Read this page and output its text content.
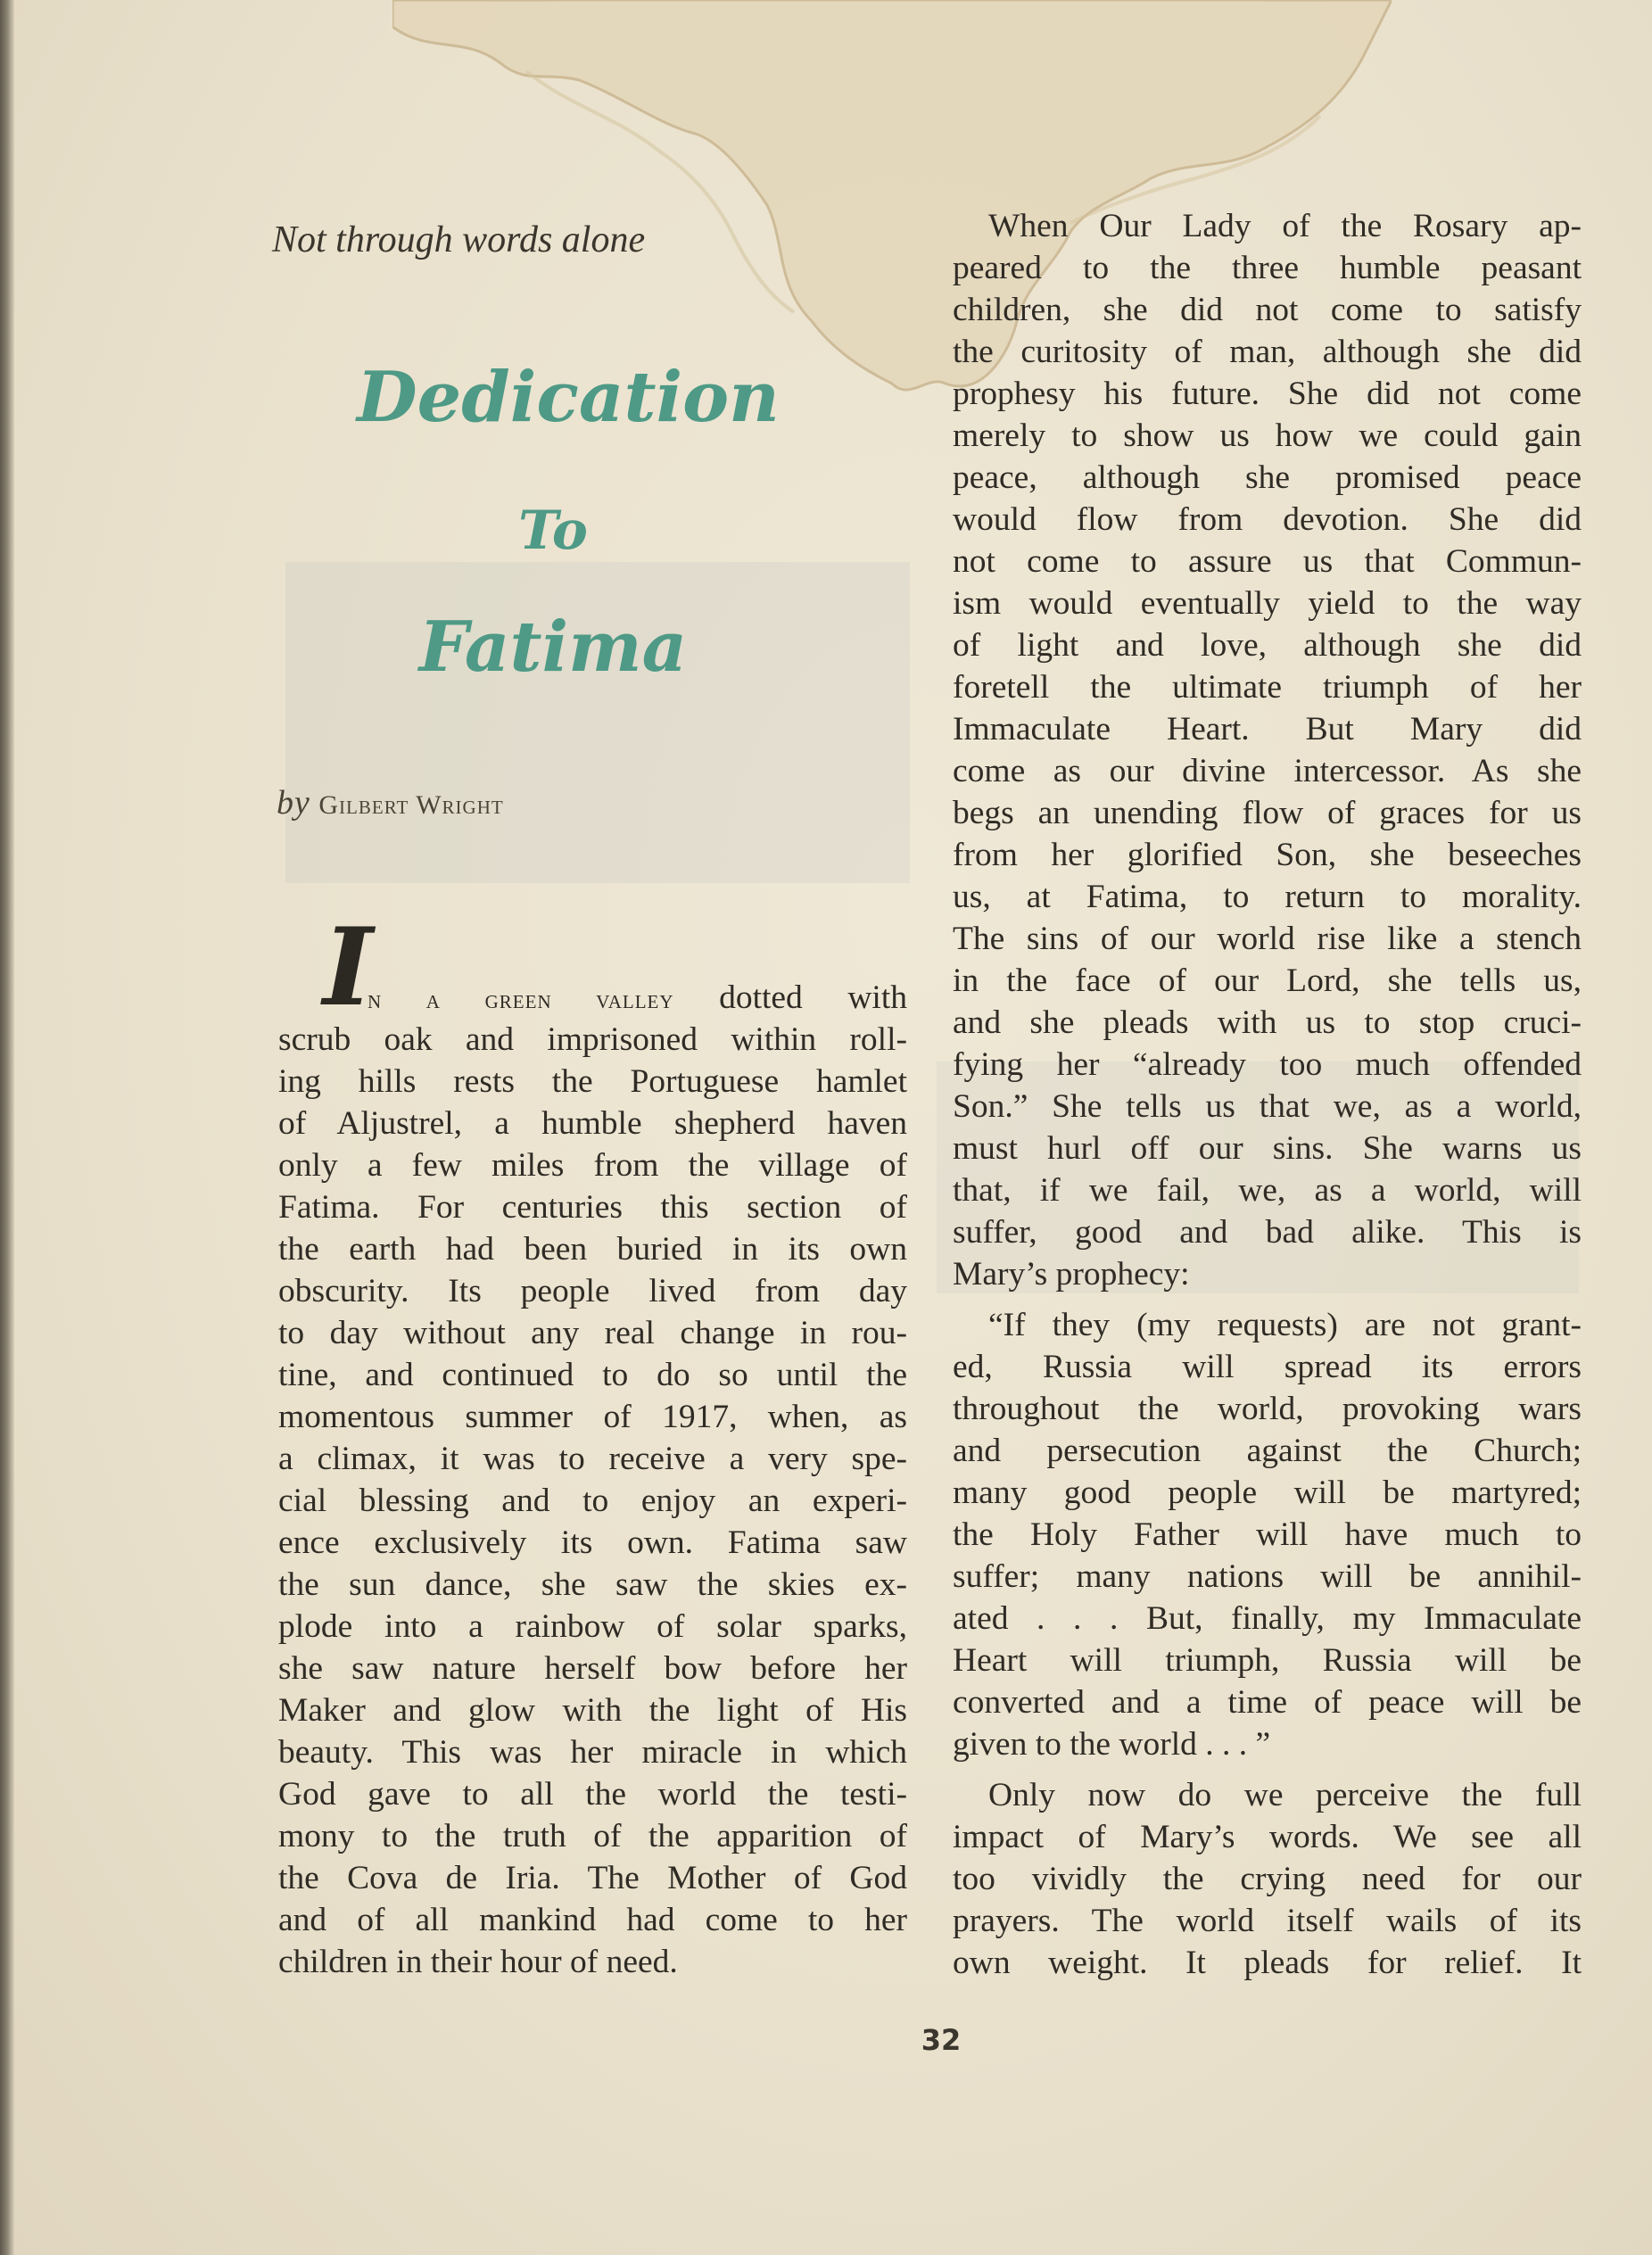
Not through words alone
Dedication
To
Fatima
by Gilbert Wright
I
n a green valley dotted with
scrub oak and imprisoned within roll-
ing hills rests the Portuguese hamlet
of Aljustrel, a humble shepherd haven
only a few miles from the village of
Fatima. For centuries this section of
the earth had been buried in its own
obscurity. Its people lived from day
to day without any real change in rou-
tine, and continued to do so until the
momentous summer of 1917, when, as
a climax, it was to receive a very spe-
cial blessing and to enjoy an experi-
ence exclusively its own. Fatima saw
the sun dance, she saw the skies ex-
plode into a rainbow of solar sparks,
she saw nature herself bow before her
Maker and glow with the light of His
beauty. This was her miracle in which
God gave to all the world the testi-
mony to the truth of the apparition of
the Cova de Iria. The Mother of God
and of all mankind had come to her
children in their hour of need.
When Our Lady of the Rosary ap-
peared to the three humble peasant
children, she did not come to satisfy
the curitosity of man, although she did
prophesy his future. She did not come
merely to show us how we could gain
peace, although she promised peace
would flow from devotion. She did
not come to assure us that Commun-
ism would eventually yield to the way
of light and love, although she did
foretell the ultimate triumph of her
Immaculate Heart. But Mary did
come as our divine intercessor. As she
begs an unending flow of graces for us
from her glorified Son, she beseeches
us, at Fatima, to return to morality.
The sins of our world rise like a stench
in the face of our Lord, she tells us,
and she pleads with us to stop cruci-
fying her “already too much offended
Son.” She tells us that we, as a world,
must hurl off our sins. She warns us
that, if we fail, we, as a world, will
suffer, good and bad alike. This is
Mary’s prophecy:
“If they (my requests) are not grant-
ed, Russia will spread its errors
throughout the world, provoking wars
and persecution against the Church;
many good people will be martyred;
the Holy Father will have much to
suffer; many nations will be annihil-
ated . . . But, finally, my Immaculate
Heart will triumph, Russia will be
converted and a time of peace will be
given to the world . . . ”
Only now do we perceive the full
impact of Mary’s words. We see all
too vividly the crying need for our
prayers. The world itself wails of its
own weight. It pleads for relief. It
32
